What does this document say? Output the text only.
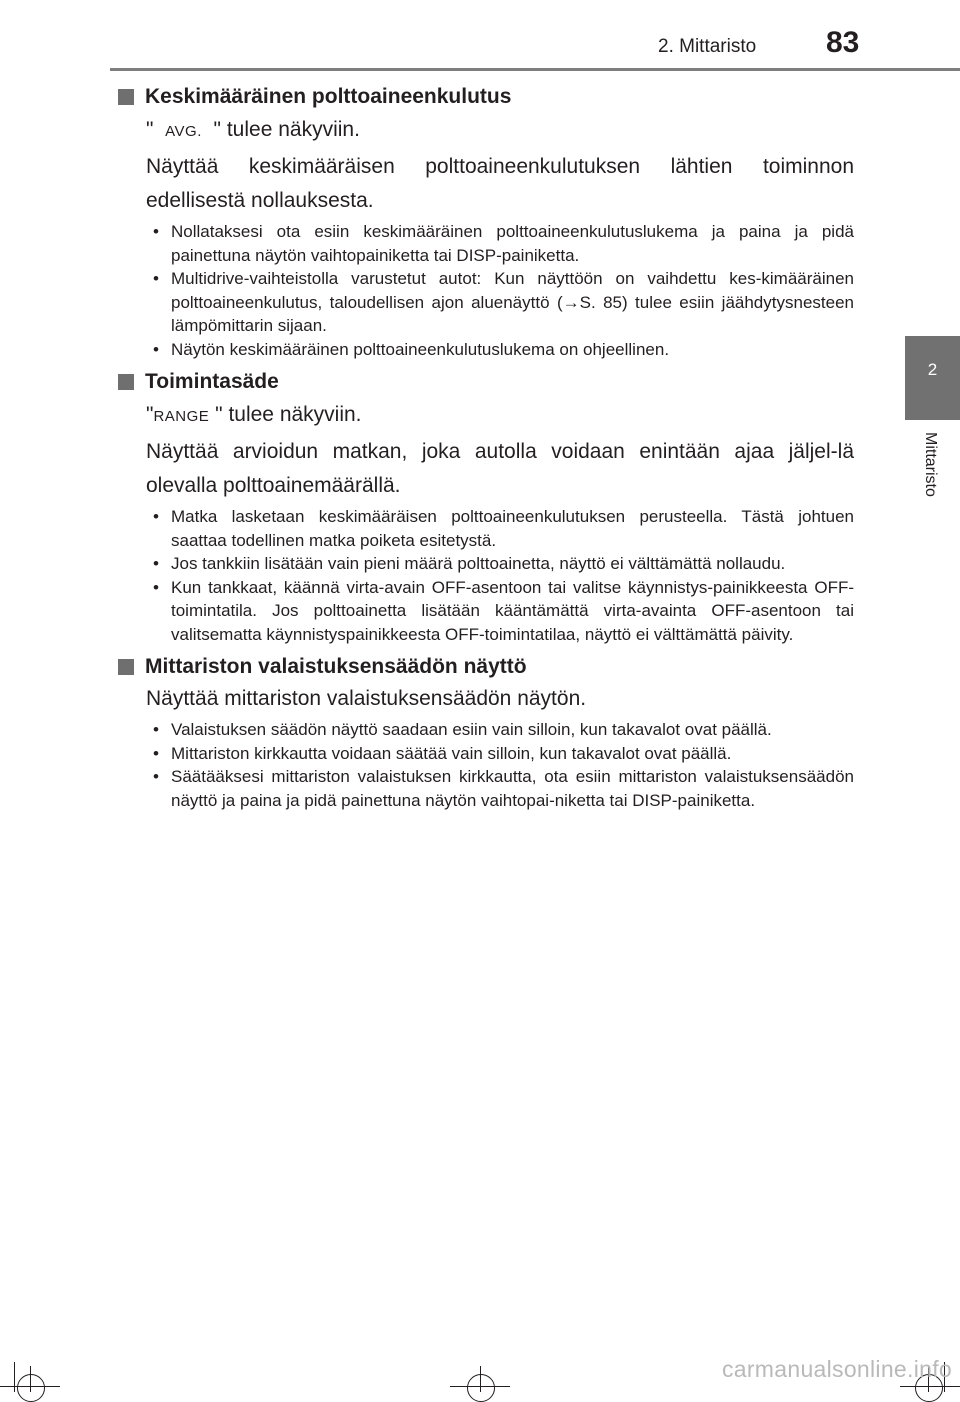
2. Mittaristo 83
2
Mittaristo
Keskimääräinen polttoaineenkulutus
" AVG. " tulee näkyviin.
Näyttää keskimääräisen polttoaineenkulutuksen lähtien toiminnon edellisestä nollauksesta.
• Nollataksesi ota esiin keskimääräinen polttoaineenkulutuslukema ja paina ja pidä painettuna näytön vaihtopainiketta tai DISP-painiketta.
• Multidrive-vaihteistolla varustetut autot: Kun näyttöön on vaihdettu kes-kimääräinen polttoaineenkulutus, taloudellisen ajon aluenäyttö (→S. 85) tulee esiin jäähdytysnesteen lämpömittarin sijaan.
• Näytön keskimääräinen polttoaineenkulutuslukema on ohjeellinen.
Toimintasäde
"RANGE " tulee näkyviin.
Näyttää arvioidun matkan, joka autolla voidaan enintään ajaa jäljel-lä olevalla polttoainemäärällä.
• Matka lasketaan keskimääräisen polttoaineenkulutuksen perusteella. Tästä johtuen saattaa todellinen matka poiketa esitetystä.
• Jos tankkiin lisätään vain pieni määrä polttoainetta, näyttö ei välttämättä nollaudu.
• Kun tankkaat, käännä virta-avain OFF-asentoon tai valitse käynnistys-painikkeesta OFF-toimintatila. Jos polttoainetta lisätään kääntämättä virta-avainta OFF-asentoon tai valitsematta käynnistyspainikkeesta OFF-toimintatilaa, näyttö ei välttämättä päivity.
Mittariston valaistuksensäädön näyttö
Näyttää mittariston valaistuksensäädön näytön.
• Valaistuksen säädön näyttö saadaan esiin vain silloin, kun takavalot ovat päällä.
• Mittariston kirkkautta voidaan säätää vain silloin, kun takavalot ovat päällä.
• Säätääksesi mittariston valaistuksen kirkkautta, ota esiin mittariston valaistuksensäädön näyttö ja paina ja pidä painettuna näytön vaihtopai-niketta tai DISP-painiketta.
carmanualsonline.info
